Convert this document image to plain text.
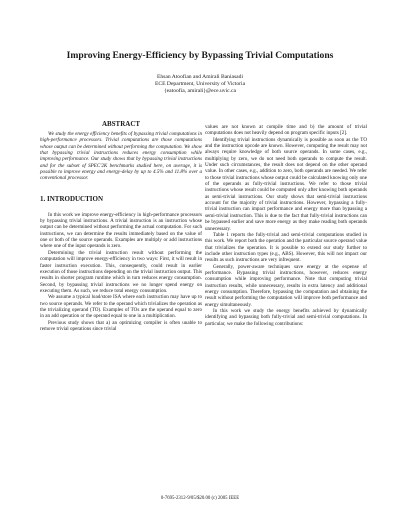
Improving Energy-Efficiency by Bypassing Trivial Computations
Ehsan Atoofian and Amirali Baniasadi
ECE Department, University of Victoria
{eatoofia, amirali}@ece.uvic.ca
ABSTRACT

We study the energy efficiency benefits of bypassing trivial computations in high-performance processors. Trivial computations are those computations whose output can be determined without performing the computation. We show that bypassing trivial instructions reduces energy consumption while improving performance. Our study shows that by bypassing trivial instructions and for the subset of SPEC'2K benchmarks studied here, on average, it is possible to improve energy and energy-delay by up to 4.5% and 11.8% over a conventional processor.

1. INTRODUCTION

In this work we improve energy-efficiency in high-performance processors by bypassing trivial instructions. A trivial instruction is an instruction whose output can be determined without performing the actual computation. For such instructions, we can determine the results immediately based on the value of one or both of the source operands. Examples are multiply or add instructions where one of the input operands is zero.

Determining the trivial instruction result without performing the computation will improve energy-efficiency in two ways: First, it will result in faster instruction execution. This, consequently, could result in earlier execution of those instructions depending on the trivial instruction output. This results in shorter program runtime which in turn reduces energy consumption. Second, by bypassing trivial instructions we no longer spend energy on executing them. As such, we reduce total energy consumption.

We assume a typical load/store ISA where each instruction may have up to two source operands. We refer to the operand which trivializes the operation as the trivializing operand (TO). Examples of TOs are the operand equal to zero in an add operation or the operand equal to one in a multiplication.

Previous study shows that a) an optimizing compiler is often unable to remove trivial operations since trivial

values are not known at compile time and b) the amount of trivial computations does not heavily depend on program specific inputs [2].

Identifying trivial instructions dynamically is possible as soon as the TO and the instruction opcode are known. However, computing the result may not always require knowledge of both source operands. In some cases, e.g., multiplying by zero, we do not need both operands to compute the result. Under such circumstances, the result does not depend on the other operand value. In other cases, e.g., addition to zero, both operands are needed. We refer to those trivial instructions whose output could be calculated knowing only one of the operands as fully-trivial instructions. We refer to those trivial instructions whose result could be computed only after knowing both operands as semi-trivial instructions. Our study shows that semi-trivial instructions account for the majority of trivial instructions. However, bypassing a fully-trivial instruction can impact performance and energy more than bypassing a semi-trivial instruction. This is due to the fact that fully-trivial instructions can be bypassed earlier and save more energy as they make reading both operands unnecessary.

Table 1 reports the fully-trivial and semi-trivial computations studied in this work. We report both the operation and the particular source operand value that trivializes the operation. It is possible to extend our study further to include other instruction types (e.g., ABS). However, this will not impact our results as such instructions are very infrequent.

Generally, power-aware techniques save energy at the expense of performance. Bypassing trivial instructions, however, reduces energy consumption while improving performance. Note that computing trivial instruction results, while unnecessary, results in extra latency and additional energy consumption. Therefore, bypassing the computation and obtaining the result without performing the computation will improve both performance and energy simultaneously.

In this work we study the energy benefits achieved by dynamically identifying and bypassing both fully-trivial and semi-trivial computations. In particular, we make the following contributions:

0-7695-2312-9/05/$20.00 (c) 2005 IEEE
